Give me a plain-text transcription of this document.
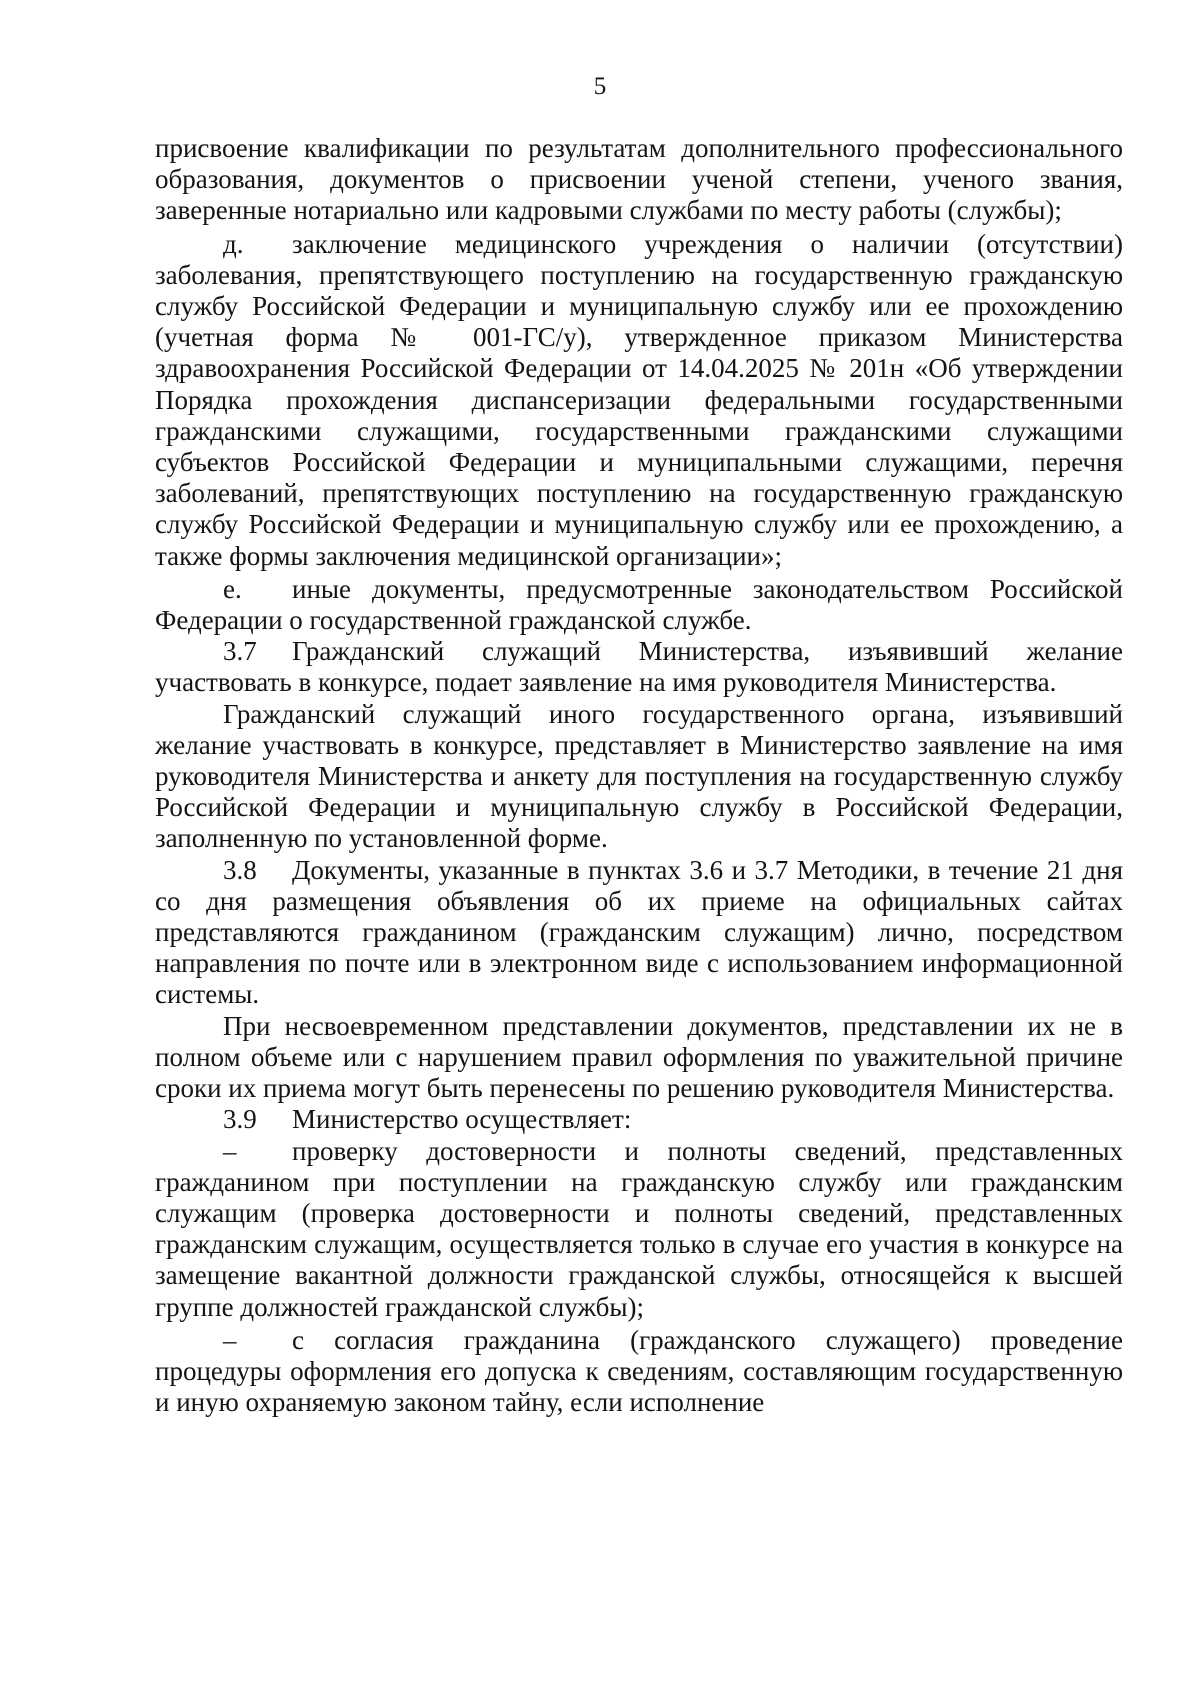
5

присвоение квалификации по результатам дополнительного профессионального образования, документов о присвоении ученой степени, ученого звания, заверенные нотариально или кадровыми службами по месту работы (службы);

д. заключение медицинского учреждения о наличии (отсутствии) заболевания, препятствующего поступлению на государственную гражданскую службу Российской Федерации и муниципальную службу или ее прохождению (учетная форма № 001-ГС/у), утвержденное приказом Министерства здравоохранения Российской Федерации от 14.04.2025 № 201н «Об утверждении Порядка прохождения диспансеризации федеральными государственными гражданскими служащими, государственными гражданскими служащими субъектов Российской Федерации и муниципальными служащими, перечня заболеваний, препятствующих поступлению на государственную гражданскую службу Российской Федерации и муниципальную службу или ее прохождению, а также формы заключения медицинской организации»;

е. иные документы, предусмотренные законодательством Российской Федерации о государственной гражданской службе.

3.7 Гражданский служащий Министерства, изъявивший желание участвовать в конкурсе, подает заявление на имя руководителя Министерства.

Гражданский служащий иного государственного органа, изъявивший желание участвовать в конкурсе, представляет в Министерство заявление на имя руководителя Министерства и анкету для поступления на государственную службу Российской Федерации и муниципальную службу в Российской Федерации, заполненную по установленной форме.

3.8 Документы, указанные в пунктах 3.6 и 3.7 Методики, в течение 21 дня со дня размещения объявления об их приеме на официальных сайтах представляются гражданином (гражданским служащим) лично, посредством направления по почте или в электронном виде с использованием информационной системы.

При несвоевременном представлении документов, представлении их не в полном объеме или с нарушением правил оформления по уважительной причине сроки их приема могут быть перенесены по решению руководителя Министерства.

3.9 Министерство осуществляет:

– проверку достоверности и полноты сведений, представленных гражданином при поступлении на гражданскую службу или гражданским служащим (проверка достоверности и полноты сведений, представленных гражданским служащим, осуществляется только в случае его участия в конкурсе на замещение вакантной должности гражданской службы, относящейся к высшей группе должностей гражданской службы);

– с согласия гражданина (гражданского служащего) проведение процедуры оформления его допуска к сведениям, составляющим государственную и иную охраняемую законом тайну, если исполнение
